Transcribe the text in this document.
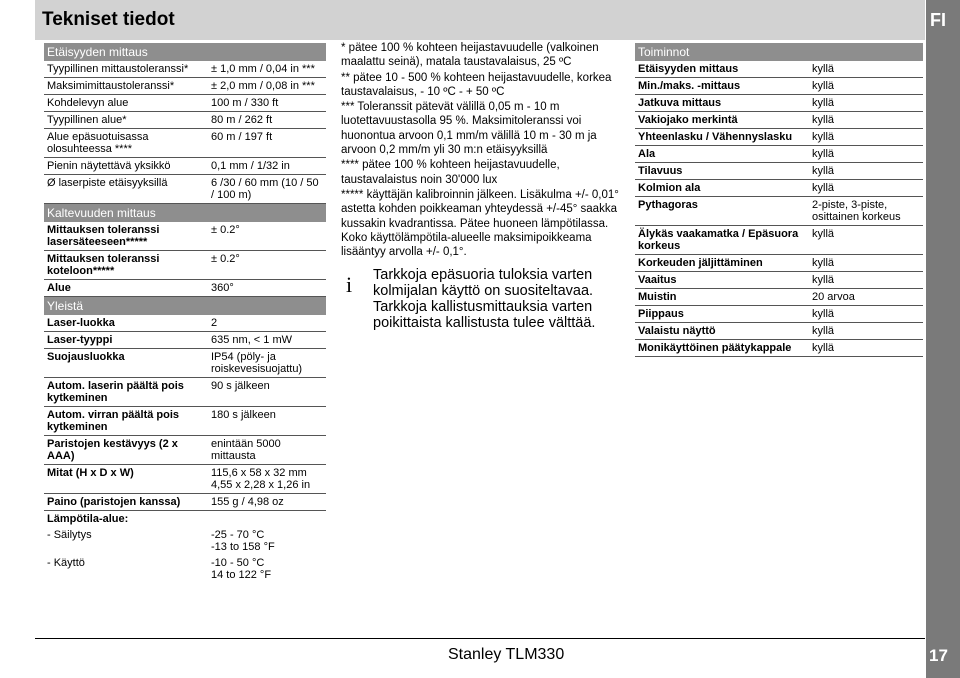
Tekniset tiedot	FI
Etäisyyden mittaus	
Tyypillinen mittaustoleranssi*	± 1,0 mm / 0,04 in ***
Maksimimittaustoleranssi*	± 2,0 mm / 0,08 in ***
Kohdelevyn alue	100 m / 330 ft
Tyypillinen alue*	80 m / 262 ft
Alue epäsuotuisassa olosuhteessa ****	60 m / 197 ft
Pienin näytettävä yksikkö	0,1 mm / 1/32 in
Ø laserpiste etäisyyksillä	6 /30 / 60 mm (10 / 50 / 100 m)
Kaltevuuden mittaus	
Mittauksen toleranssi lasersäteeseen*****	± 0.2°
Mittauksen toleranssi koteloon*****	± 0.2°
Alue	360°
Yleistä	
Laser-luokka	2
Laser-tyyppi	635 nm, < 1 mW
Suojausluokka	IP54 (pöly- ja roiskevesisuojattu)
Autom. laserin päältä pois kytkeminen	90 s jälkeen
Autom. virran päältä pois kytkeminen	180 s jälkeen
Paristojen kestävyys (2 x AAA)	enintään 5000 mittausta
Mitat (H x D x W)	115,6 x 58 x 32 mm 4,55 x 2,28 x 1,26 in
Paino (paristojen kanssa)	155 g / 4,98 oz
Lämpötila-alue:	
- Säilytys	-25 - 70 °C
-13 to 158 °F

- Käyttö	-10 - 50 °C
14 to 122 °F

* pätee 100 % kohteen heijastavuudelle (valkoinen maalattu seinä), matala taustavalaisus, 25 ºC

** pätee 10 - 500 % kohteen heijastavuudelle, korkea taustavalaisus, - 10 ºC - + 50 ºC

*** Toleranssit pätevät välillä 0,05 m - 10 m luotettavuustasolla 95 %. Maksimitoleranssi voi huonontua arvoon 0,1 mm/m välillä 10 m - 30 m ja arvoon 0,2 mm/m yli 30 m:n etäisyyksillä

**** pätee 100 % kohteen heijastavuudelle, taustavalaistus noin 30'000 lux

***** käyttäjän kalibroinnin jälkeen. Lisäkulma +/- 0,01° astetta kohden poikkeaman yhteydessä +/-45° saakka kussakin kvadrantissa. Pätee huoneen lämpötilassa. Koko käyttölämpötila-alueelle maksimipoikkeama lisääntyy arvolla +/- 0,1°.

i Tarkkoja epäsuoria tuloksia varten kolmijalan käyttö on suositeltavaa.

Tarkkoja kallistusmittauksia varten poikittaista kallistusta tulee välttää.

Toiminnot	
Etäisyyden mittaus	kyllä
Min./maks. -mittaus	kyllä
Jatkuva mittaus	kyllä
Vakiojako merkintä	kyllä
Yhteenlasku / Vähennyslasku	kyllä
Ala	kyllä
Tilavuus	kyllä
Kolmion ala	kyllä
Pythagoras	2-piste, 3-piste, osittainen korkeus
Älykäs vaakamatka / Epäsuora korkeus	kyllä
Korkeuden jäljittäminen	kyllä
Vaaitus	kyllä
Muistin	20 arvoa
Piippaus	kyllä
Valaistu näyttö	kyllä
Monikäyttöinen päätykappale	kyllä
Stanley TLM330	17
